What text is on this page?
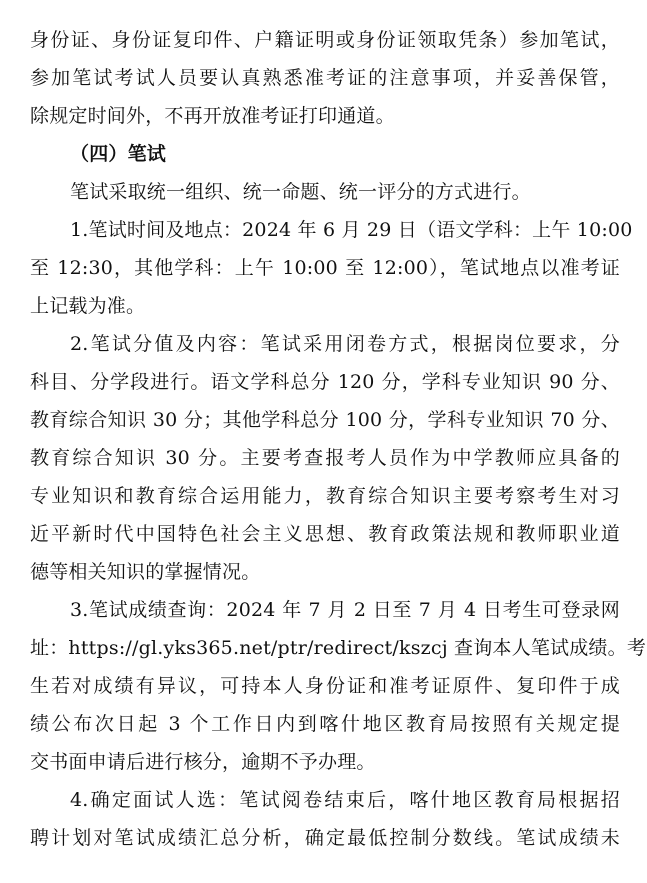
身份证、身份证复印件、户籍证明或身份证领取凭条）参加笔试，
参加笔试考试人员要认真熟悉准考证的注意事项，并妥善保管，
除规定时间外，不再开放准考证打印通道。
（四）笔试
笔试采取统一组织、统一命题、统一评分的方式进行。
1.笔试时间及地点：2024 年 6 月 29 日（语文学科：上午 10:00
至 12:30，其他学科：上午 10:00 至 12:00），笔试地点以准考证
上记载为准。
2.笔试分值及内容：笔试采用闭卷方式，根据岗位要求，分
科目、分学段进行。语文学科总分 120 分，学科专业知识 90 分、
教育综合知识 30 分；其他学科总分 100 分，学科专业知识 70 分、
教育综合知识 30 分。主要考查报考人员作为中学教师应具备的
专业知识和教育综合运用能力，教育综合知识主要考察考生对习
近平新时代中国特色社会主义思想、教育政策法规和教师职业道
德等相关知识的掌握情况。
3.笔试成绩查询：2024 年 7 月 2 日至 7 月 4 日考生可登录网
址：https://gl.yks365.net/ptr/redirect/kszcj 查询本人笔试成绩。考
生若对成绩有异议，可持本人身份证和准考证原件、复印件于成
绩公布次日起 3 个工作日内到喀什地区教育局按照有关规定提
交书面申请后进行核分，逾期不予办理。
4.确定面试人选：笔试阅卷结束后，喀什地区教育局根据招
聘计划对笔试成绩汇总分析，确定最低控制分数线。笔试成绩未
